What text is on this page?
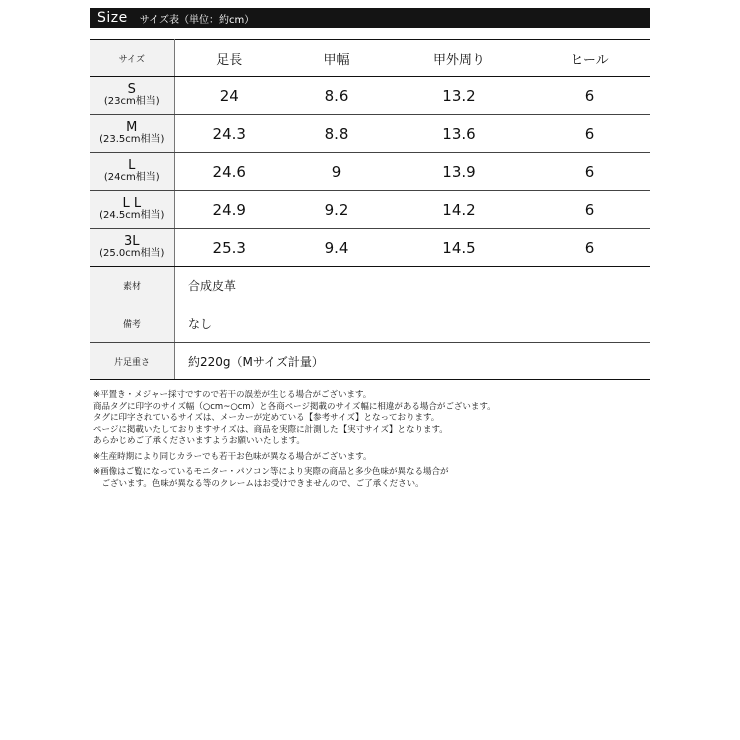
Size サイズ表（単位：約cm）
サイズ	足長	甲幅	甲外周り	ヒール

S
(23cm相当)	24	8.6	13.2	6

M
(23.5cm相当)	24.3	8.8	13.6	6

L
(24cm相当)	24.6	9	13.9	6

L L
(24.5cm相当)	24.9	9.2	14.2	6

3L
(25.0cm相当)	25.3	9.4	14.5	6
素材	合成皮革
備考	なし
片足重さ	約220g（Mサイズ計量）

※平置き・メジャー採寸ですので若干の誤差が生じる場合がございます。

商品タグに印字のサイズ幅（○cm~○cm）と各商ページ掲載のサイズ幅に相違がある場合がございます。

タグに印字されているサイズは、メーカーが定めている【参考サイズ】となっております。

ページに掲載いたしておりますサイズは、商品を実際に計測した【実寸サイズ】となります。

あらかじめご了承くださいますようお願いいたします。

※生産時期により同じカラーでも若干お色味が異なる場合がございます。

※画像はご覧になっているモニター・パソコン等により実際の商品と多少色味が異なる場合が

　ございます。色味が異なる等のクレームはお受けできませんので、ご了承ください。
